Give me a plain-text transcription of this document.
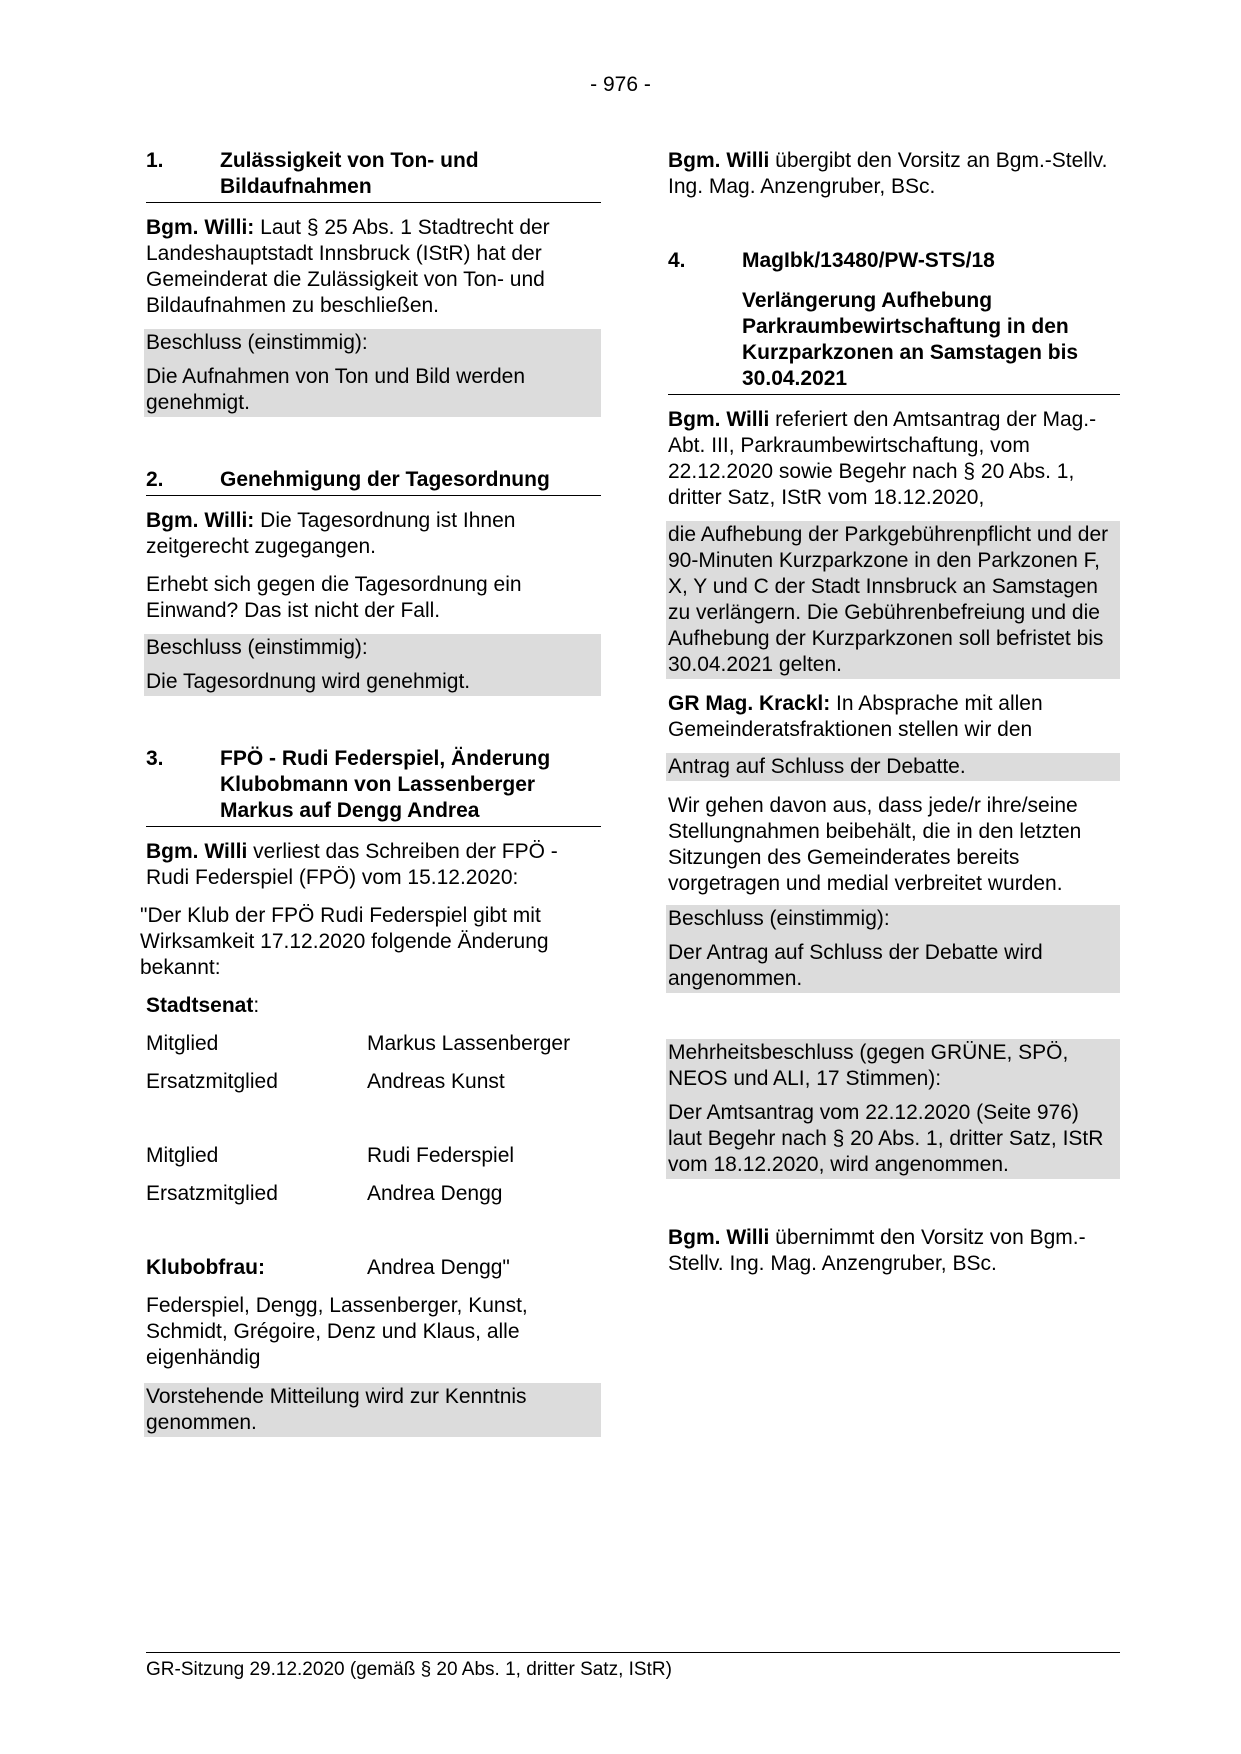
- 976 -
1.	Zulässigkeit von Ton- und Bildaufnahmen

Bgm. Willi: Laut § 25 Abs. 1 Stadtrecht der Landeshauptstadt Innsbruck (IStR) hat der Gemeinderat die Zulässigkeit von Ton- und Bildaufnahmen zu beschließen.

Beschluss (einstimmig):

Die Aufnahmen von Ton und Bild werden genehmigt.

2.	Genehmigung der Tagesordnung

Bgm. Willi: Die Tagesordnung ist Ihnen zeitgerecht zugegangen.

Erhebt sich gegen die Tagesordnung ein Einwand? Das ist nicht der Fall.

Beschluss (einstimmig):

Die Tagesordnung wird genehmigt.

3.	FPÖ - Rudi Federspiel, Änderung Klubobmann von Lassenberger Markus auf Dengg Andrea

Bgm. Willi verliest das Schreiben der FPÖ - Rudi Federspiel (FPÖ) vom 15.12.2020:

"Der Klub der FPÖ Rudi Federspiel gibt mit Wirksamkeit 17.12.2020 folgende Änderung bekannt:

Stadtsenat:

Mitglied	Markus Lassenberger
Ersatzmitglied	Andreas Kunst
Mitglied	Rudi Federspiel
Ersatzmitglied	Andrea Dengg
Klubobfrau:	Andrea Dengg"

Federspiel, Dengg, Lassenberger, Kunst, Schmidt, Grégoire, Denz und Klaus, alle eigenhändig

Vorstehende Mitteilung wird zur Kenntnis genommen.

Bgm. Willi übergibt den Vorsitz an Bgm.-Stellv. Ing. Mag. Anzengruber, BSc.

4.	MagIbk/13480/PW-STS/18
Verlängerung Aufhebung Parkraumbewirtschaftung in den Kurzparkzonen an Samstagen bis 30.04.2021

Bgm. Willi referiert den Amtsantrag der Mag.-Abt. III, Parkraumbewirtschaftung, vom 22.12.2020 sowie Begehr nach § 20 Abs. 1, dritter Satz, IStR vom 18.12.2020,

die Aufhebung der Parkgebührenpflicht und der 90-Minuten Kurzparkzone in den Parkzonen F, X, Y und C der Stadt Innsbruck an Samstagen zu verlängern. Die Gebührenbefreiung und die Aufhebung der Kurzparkzonen soll befristet bis 30.04.2021 gelten.

GR Mag. Krackl: In Absprache mit allen Gemeinderatsfraktionen stellen wir den

Antrag auf Schluss der Debatte.

Wir gehen davon aus, dass jede/r ihre/seine Stellungnahmen beibehält, die in den letzten Sitzungen des Gemeinderates bereits vorgetragen und medial verbreitet wurden.

Beschluss (einstimmig):

Der Antrag auf Schluss der Debatte wird angenommen.

Mehrheitsbeschluss (gegen GRÜNE, SPÖ, NEOS und ALI, 17 Stimmen):

Der Amtsantrag vom 22.12.2020 (Seite 976) laut Begehr nach § 20 Abs. 1, dritter Satz, IStR vom 18.12.2020, wird angenommen.

Bgm. Willi übernimmt den Vorsitz von Bgm.-Stellv. Ing. Mag. Anzengruber, BSc.

GR-Sitzung 29.12.2020 (gemäß § 20 Abs. 1, dritter Satz, IStR)
